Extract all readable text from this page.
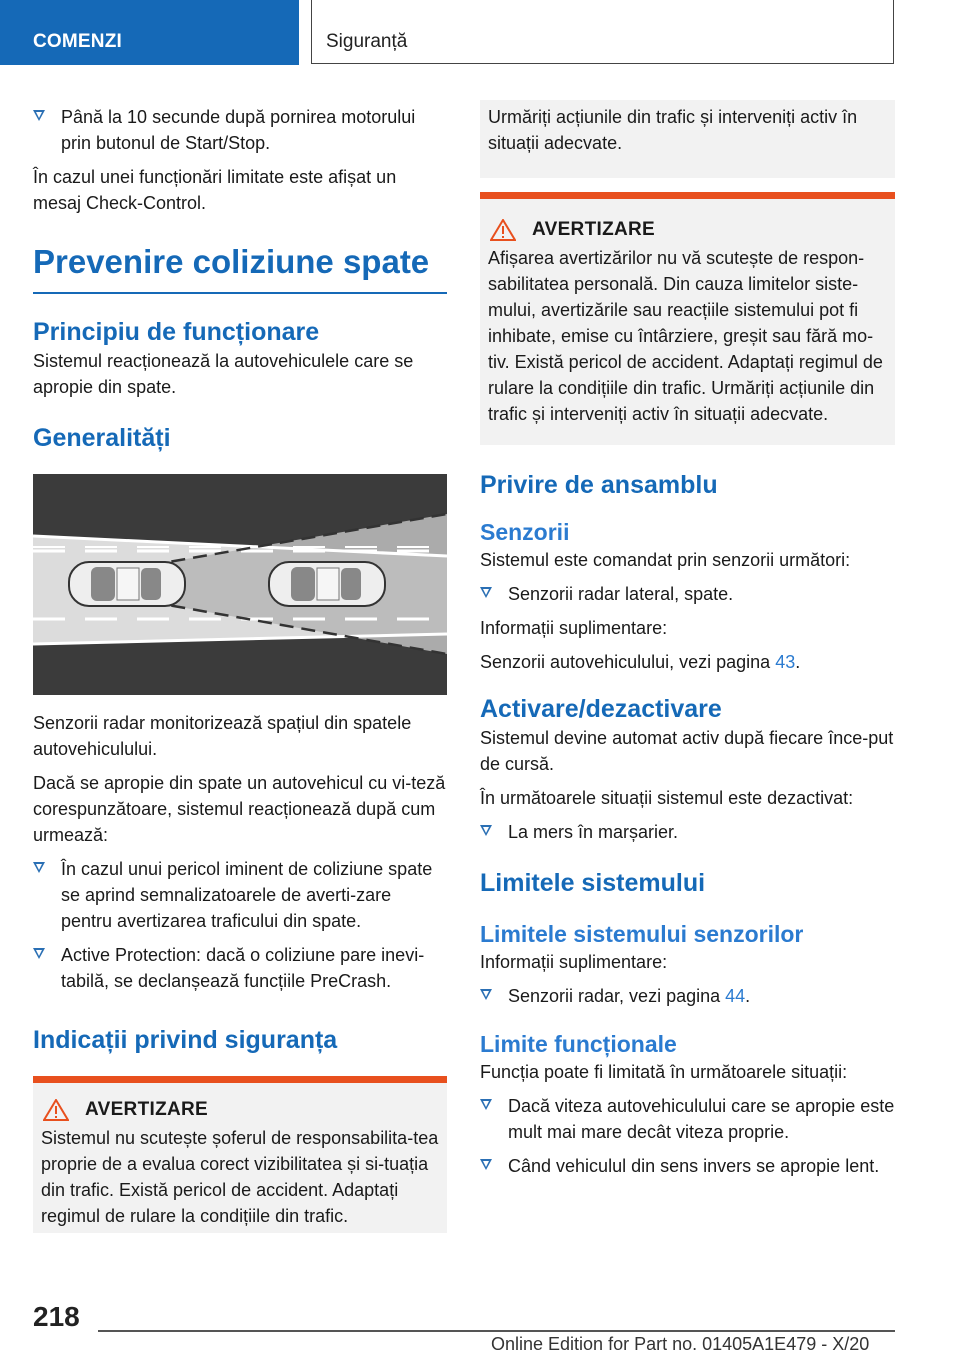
COMENZI	Siguranță
Până la 10 secunde după pornirea motorului prin butonul de Start/Stop.

În cazul unei funcționări limitate este afișat un mesaj Check-Control.

Prevenire coliziune spate
Principiu de funcționare

Sistemul reacționează la autovehiculele care se apropie din spate.

Generalități

Senzorii radar monitorizează spațiul din spatele autovehiculului.

Dacă se apropie din spate un autovehicul cu vi‐teză corespunzătoare, sistemul reacționează după cum urmează:

În cazul unui pericol iminent de coliziune spate se aprind semnalizatoarele de averti‐zare pentru avertizarea traficului din spate.
Active Protection: dacă o coliziune pare inevi‐tabilă, se declanșează funcțiile PreCrash.
Indicații privind siguranța
AVERTIZARE

Sistemul nu scutește șoferul de responsabilita‐tea proprie de a evalua corect vizibilitatea și si‐tuația din trafic. Există pericol de accident. Adaptați regimul de rulare la condițiile din trafic.

Urmăriți acțiunile din trafic și interveniți activ în situații adecvate.

AVERTIZARE

Afișarea avertizărilor nu vă scutește de respon‐sabilitatea personală. Din cauza limitelor siste‐mului, avertizările sau reacțiile sistemului pot fi inhibate, emise cu întârziere, greșit sau fără mo‐tiv. Există pericol de accident. Adaptați regimul de rulare la condițiile din trafic. Urmăriți acțiunile din trafic și interveniți activ în situații adecvate.

Privire de ansamblu
Senzorii

Sistemul este comandat prin senzorii următori:

Senzorii radar lateral, spate.

Informații suplimentare:

Senzorii autovehiculului, vezi pagina 43.

Activare/dezactivare

Sistemul devine automat activ după fiecare înce‐put de cursă.

În următoarele situații sistemul este dezactivat:

La mers în marșarier.
Limitele sistemului
Limitele sistemului senzorilor

Informații suplimentare:

Senzorii radar, vezi pagina 44.
Limite funcționale

Funcția poate fi limitată în următoarele situații:

Dacă viteza autovehiculului care se apropie este mult mai mare decât viteza proprie.
Când vehiculul din sens invers se apropie lent.
218
Online Edition for Part no. 01405A1E479 - X/20
